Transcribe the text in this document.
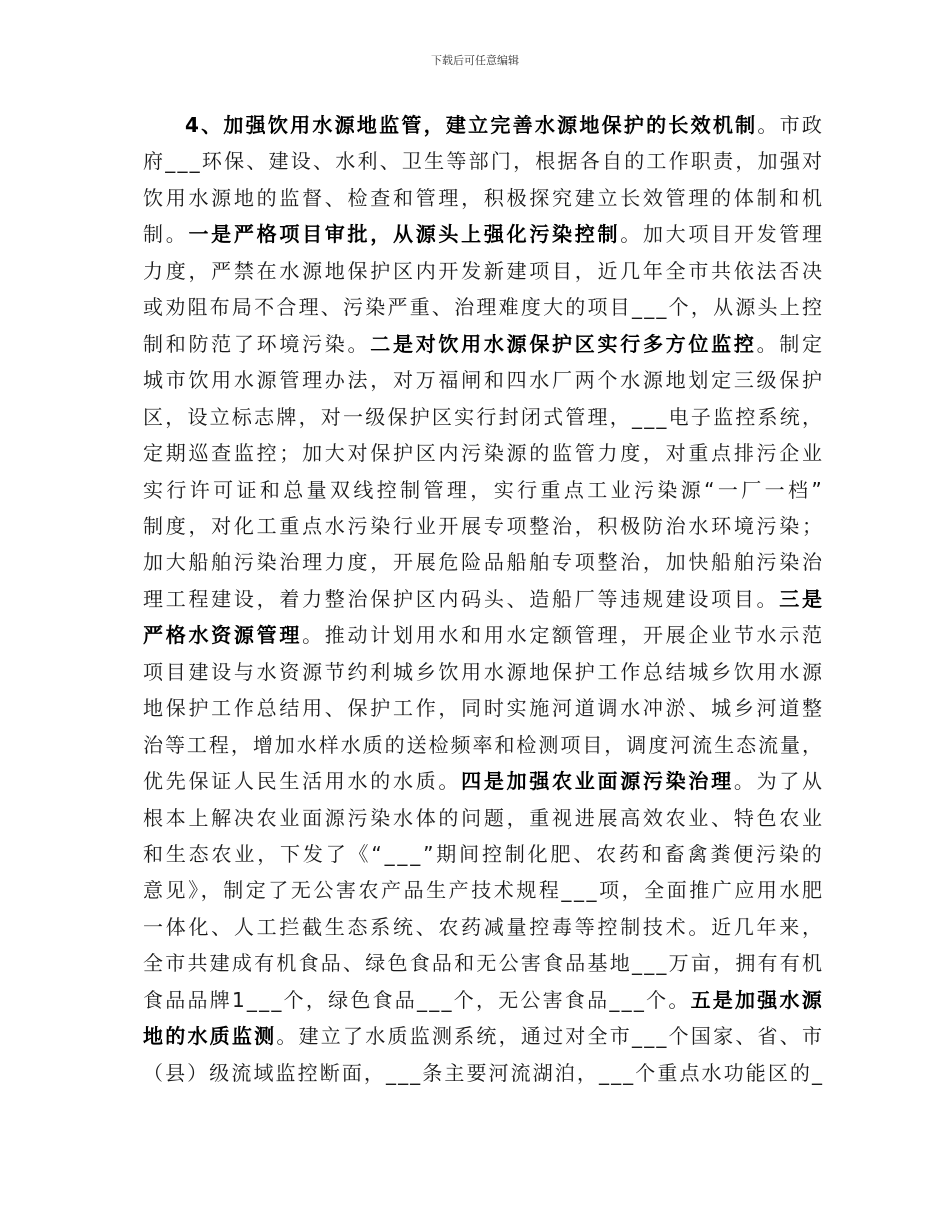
下载后可任意编辑
4、加强饮用水源地监管，建立完善水源地保护的长效机制。市政
府___环保、建设、水利、卫生等部门，根据各自的工作职责，加强对
饮用水源地的监督、检查和管理，积极探究建立长效管理的体制和机
制。一是严格项目审批，从源头上强化污染控制。加大项目开发管理
力度，严禁在水源地保护区内开发新建项目，近几年全市共依法否决
或劝阻布局不合理、污染严重、治理难度大的项目___个，从源头上控
制和防范了环境污染。二是对饮用水源保护区实行多方位监控。制定
城市饮用水源管理办法，对万福闸和四水厂两个水源地划定三级保护
区，设立标志牌，对一级保护区实行封闭式管理，___电子监控系统，
定期巡查监控；加大对保护区内污染源的监管力度，对重点排污企业
实行许可证和总量双线控制管理，实行重点工业污染源“一厂一档”
制度，对化工重点水污染行业开展专项整治，积极防治水环境污染；
加大船舶污染治理力度，开展危险品船舶专项整治，加快船舶污染治
理工程建设，着力整治保护区内码头、造船厂等违规建设项目。三是
严格水资源管理。推动计划用水和用水定额管理，开展企业节水示范
项目建设与水资源节约利城乡饮用水源地保护工作总结城乡饮用水源
地保护工作总结用、保护工作，同时实施河道调水冲淤、城乡河道整
治等工程，增加水样水质的送检频率和检测项目，调度河流生态流量，
优先保证人民生活用水的水质。四是加强农业面源污染治理。为了从
根本上解决农业面源污染水体的问题，重视进展高效农业、特色农业
和生态农业，下发了《“___”期间控制化肥、农药和畜禽粪便污染的
意见》，制定了无公害农产品生产技术规程___项，全面推广应用水肥
一体化、人工拦截生态系统、农药减量控毒等控制技术。近几年来，
全市共建成有机食品、绿色食品和无公害食品基地___万亩，拥有有机
食品品牌1___个，绿色食品___个，无公害食品___个。五是加强水源
地的水质监测。建立了水质监测系统，通过对全市___个国家、省、市
（县）级流域监控断面，___条主要河流湖泊，___个重点水功能区的_
